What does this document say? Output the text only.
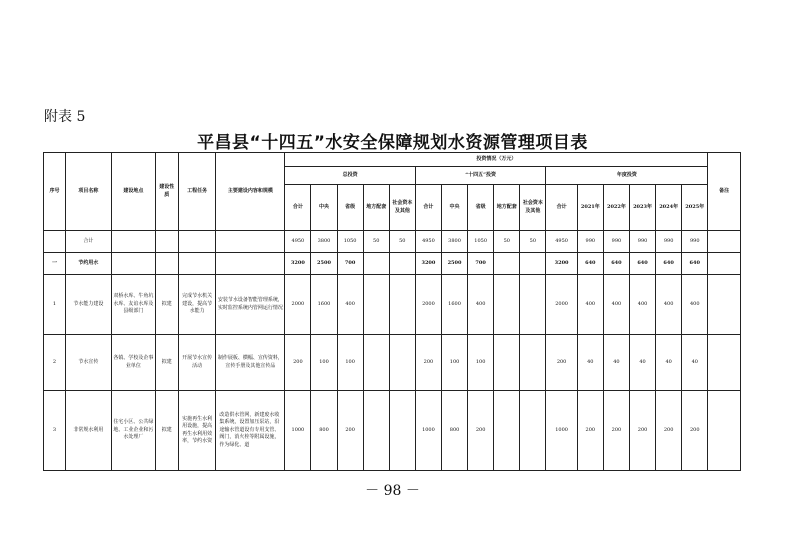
附表 5
平昌县“十四五”水安全保障规划水资源管理项目表
序号	项目名称	建设地点	建设性质	工程任务	主要建设内容和规模	投资情况（万元）																备注
						总投资					“十四五”投资					年度投资						
						合计	中央	省级	地方配套	社会资本及其他	合计	中央	省级	地方配套	社会资本及其他	合计	2021年	2022年	2023年	2024年	2025年	
	合计					4950	3800	1050	50	50	4950	3800	1050	50	50	4950	990	990	990	990	990	
一	节约用水					3200	2500	700			3200	2500	700			3200	640	640	640	640	640	
1	节水能力建设	双桥水库、牛角坑水库、友谊水库及县级部门	拟建	完成节水机关建设，提高节水能力	安装节水设备智能管理系统，实时监控系统内管网运行情况	2000	1600	400			2000	1600	400			2000	400	400	400	400	400	
2	节水宣传	各镇、学校及企事业单位	拟建	开展节水宣传活动	制作展板、横幅、宣传资料，宣传手册及其他宣传品	200	100	100			200	100	100			200	40	40	40	40	40	
3	非常规水利用	住宅小区、公共绿地、工业企业和污水处理厂	拟建	实施再生水利用设施，提高再生水利用效率，节约水资	改造供水管网，新建废水收集系统，设置加压泵站，沿途输水管道设有专用支管、阀门，消火栓等附属设施，作为绿化、道	1000	800	200			1000	800	200			1000	200	200	200	200	200	
－ 98 －
